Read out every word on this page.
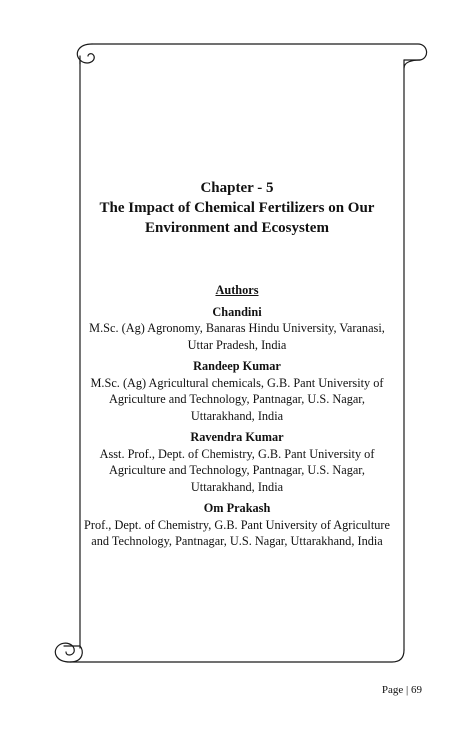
Chapter - 5
The Impact of Chemical Fertilizers on Our
Environment and Ecosystem
Authors
Chandini
M.Sc. (Ag) Agronomy, Banaras Hindu University, Varanasi,
Uttar Pradesh, India
Randeep Kumar
M.Sc. (Ag) Agricultural chemicals, G.B. Pant University of
Agriculture and Technology, Pantnagar, U.S. Nagar,
Uttarakhand, India
Ravendra Kumar
Asst. Prof., Dept. of Chemistry, G.B. Pant University of
Agriculture and Technology, Pantnagar, U.S. Nagar,
Uttarakhand, India
Om Prakash
Prof., Dept. of Chemistry, G.B. Pant University of Agriculture
and Technology, Pantnagar, U.S. Nagar, Uttarakhand, India
Page | 69
